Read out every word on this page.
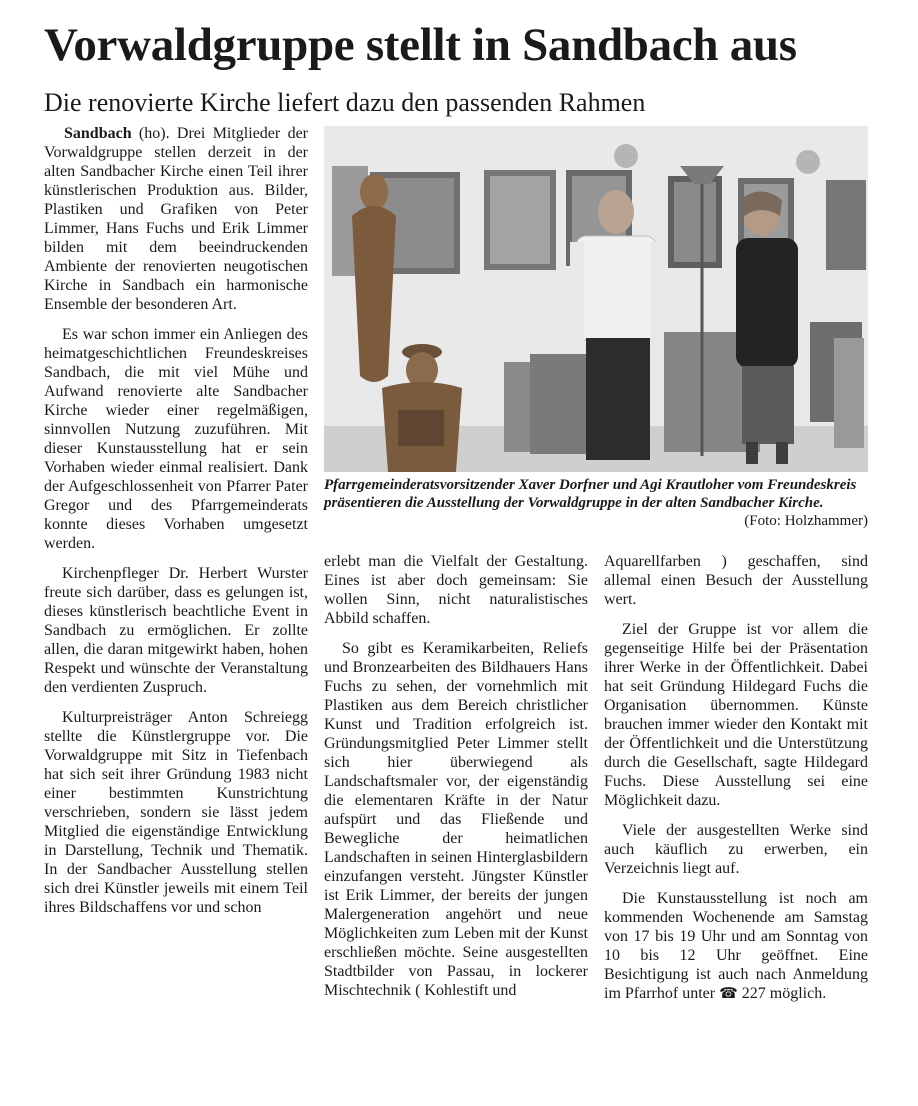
Vorwaldgruppe stellt in Sandbach aus
Die renovierte Kirche liefert dazu den passenden Rahmen

Sandbach (ho). Drei Mitglieder der Vorwaldgruppe stellen derzeit in der alten Sandbacher Kirche einen Teil ihrer künstlerischen Produktion aus. Bilder, Plastiken und Grafiken von Peter Limmer, Hans Fuchs und Erik Limmer bilden mit dem beeindruckenden Ambiente der renovierten neugotischen Kirche in Sandbach ein harmonische Ensemble der besonderen Art.

Es war schon immer ein Anliegen des heimatgeschichtlichen Freundeskreises Sandbach, die mit viel Mühe und Aufwand renovierte alte Sandbacher Kirche wieder einer regelmäßigen, sinnvollen Nutzung zuzuführen. Mit dieser Kunstausstellung hat er sein Vorhaben wieder einmal realisiert. Dank der Aufgeschlossenheit von Pfarrer Pater Gregor und des Pfarrgemeinderats konnte dieses Vorhaben umgesetzt werden.

Kirchenpfleger Dr. Herbert Wurster freute sich darüber, dass es gelungen ist, dieses künstlerisch beachtliche Event in Sandbach zu ermöglichen. Er zollte allen, die daran mitgewirkt haben, hohen Respekt und wünschte der Veranstaltung den verdienten Zuspruch.

Kulturpreisträger Anton Schreiegg stellte die Künstlergruppe vor. Die Vorwaldgruppe mit Sitz in Tiefenbach hat sich seit ihrer Gründung 1983 nicht einer bestimmten Kunstrichtung verschrieben, sondern sie lässt jedem Mitglied die eigenständige Entwicklung in Darstellung, Technik und Thematik. In der Sandbacher Ausstellung stellen sich drei Künstler jeweils mit einem Teil ihres Bildschaffens vor und schon

Pfarrgemeinderatsvorsitzender Xaver Dorfner und Agi Krautloher vom Freundeskreis präsentieren die Ausstellung der Vorwaldgruppe in der alten Sandbacher Kirche.
(Foto: Holzhammer)

erlebt man die Vielfalt der Gestaltung. Eines ist aber doch gemeinsam: Sie wollen Sinn, nicht naturalistisches Abbild schaffen.

So gibt es Keramikarbeiten, Reliefs und Bronzearbeiten des Bildhauers Hans Fuchs zu sehen, der vornehmlich mit Plastiken aus dem Bereich christlicher Kunst und Tradition erfolgreich ist. Gründungsmitglied Peter Limmer stellt sich hier überwiegend als Landschaftsmaler vor, der eigenständig die elementaren Kräfte in der Natur aufspürt und das Fließende und Bewegliche der heimatlichen Landschaften in seinen Hinterglasbildern einzufangen versteht. Jüngster Künstler ist Erik Limmer, der bereits der jungen Malergeneration angehört und neue Möglichkeiten zum Leben mit der Kunst erschließen möchte. Seine ausgestellten Stadtbilder von Passau, in lockerer Mischtechnik ( Kohlestift und

Aquarellfarben ) geschaffen, sind allemal einen Besuch der Ausstellung wert.

Ziel der Gruppe ist vor allem die gegenseitige Hilfe bei der Präsentation ihrer Werke in der Öffentlichkeit. Dabei hat seit Gründung Hildegard Fuchs die Organisation übernommen. Künste brauchen immer wieder den Kontakt mit der Öffentlichkeit und die Unterstützung durch die Gesellschaft, sagte Hildegard Fuchs. Diese Ausstellung sei eine Möglichkeit dazu.

Viele der ausgestellten Werke sind auch käuflich zu erwerben, ein Verzeichnis liegt auf.

Die Kunstausstellung ist noch am kommenden Wochenende am Samstag von 17 bis 19 Uhr und am Sonntag von 10 bis 12 Uhr geöffnet. Eine Besichtigung ist auch nach Anmeldung im Pfarrhof unter ☎ 227 möglich.
